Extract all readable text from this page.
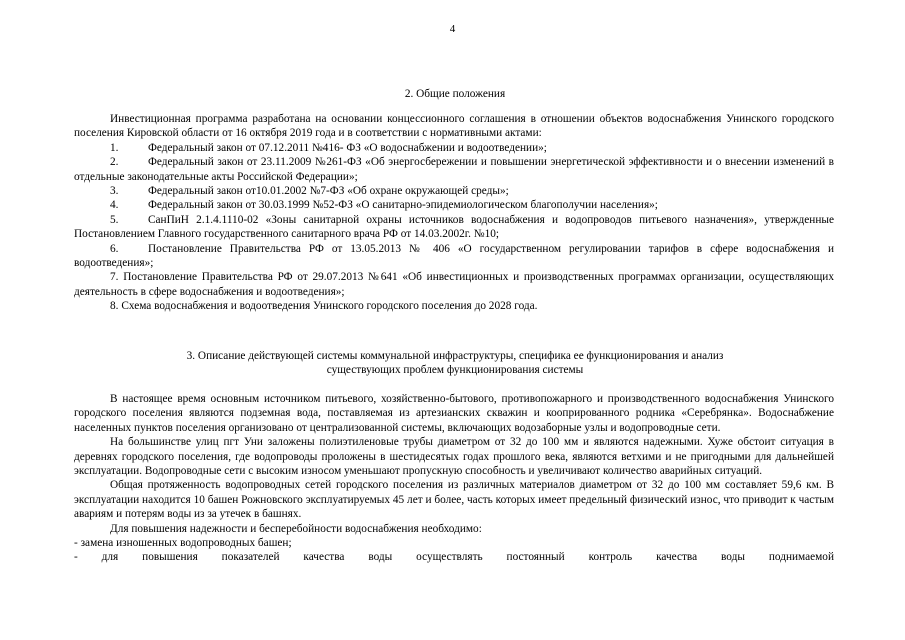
4
2. Общие положения

Инвестиционная программа разработана на основании концессионного соглашения в отношении объектов водоснабжения Унинского городского поселения Кировской области от 16 октября 2019 года и в соответствии с нормативными актами:

1.	Федеральный закон от 07.12.2011 №416- ФЗ «О водоснабжении и водоотведении»;

2.	Федеральный закон от 23.11.2009 №261-ФЗ «Об энергосбережении и повышении энергетической эффективности и о внесении изменений в отдельные законодательные акты Российской Федерации»;

3.	Федеральный закон от10.01.2002 №7-ФЗ «Об охране окружающей среды»;

4.	Федеральный закон от 30.03.1999 №52-ФЗ «О санитарно-эпидемиологическом благополучии населения»;

5.	СанПиН 2.1.4.1110-02 «Зоны санитарной охраны источников водоснабжения и водопроводов питьевого назначения», утвержденные Постановлением Главного государственного санитарного врача РФ от 14.03.2002г. №10;

6.	Постановление Правительства РФ от 13.05.2013 № 406 «О государственном регулировании тарифов в сфере водоснабжения и водоотведения»;

7. Постановление Правительства РФ от 29.07.2013 №641 «Об инвестиционных и производственных программах организации, осуществляющих деятельность в сфере водоснабжения и водоотведения»;

8. Схема водоснабжения и водоотведения Унинского городского поселения до 2028 года.

3. Описание действующей системы коммунальной инфраструктуры, специфика ее функционирования и анализ
существующих проблем функционирования системы

В настоящее время основным источником питьевого, хозяйственно-бытового, противопожарного и производственного водоснабжения Унинского городского поселения являются подземная вода, поставляемая из артезианских скважин и коопрированного родника «Серебрянка». Водоснабжение населенных пунктов поселения организовано от централизованной системы, включающих водозаборные узлы и водопроводные сети.

На большинстве улиц пгт Уни заложены полиэтиленовые трубы диаметром от 32 до 100 мм и являются надежными. Хуже обстоит ситуация в деревнях городского поселения, где водопроводы проложены в шестидесятых годах прошлого века, являются ветхими и не пригодными для дальнейшей эксплуатации. Водопроводные сети с высоким износом уменьшают пропускную способность и увеличивают количество аварийных ситуаций.

Общая протяженность водопроводных сетей городского поселения из различных материалов диаметром от 32 до 100 мм составляет 59,6 км. В эксплуатации находится 10 башен Рожновского эксплуатируемых 45 лет и более, часть которых имеет предельный физический износ, что приводит к частым авариям и потерям воды из за утечек в башнях.

Для повышения надежности и бесперебойности водоснабжения необходимо:

- замена изношенных водопроводных башен;

- для повышения показателей качества воды осуществлять постоянный контроль качества воды поднимаемой
